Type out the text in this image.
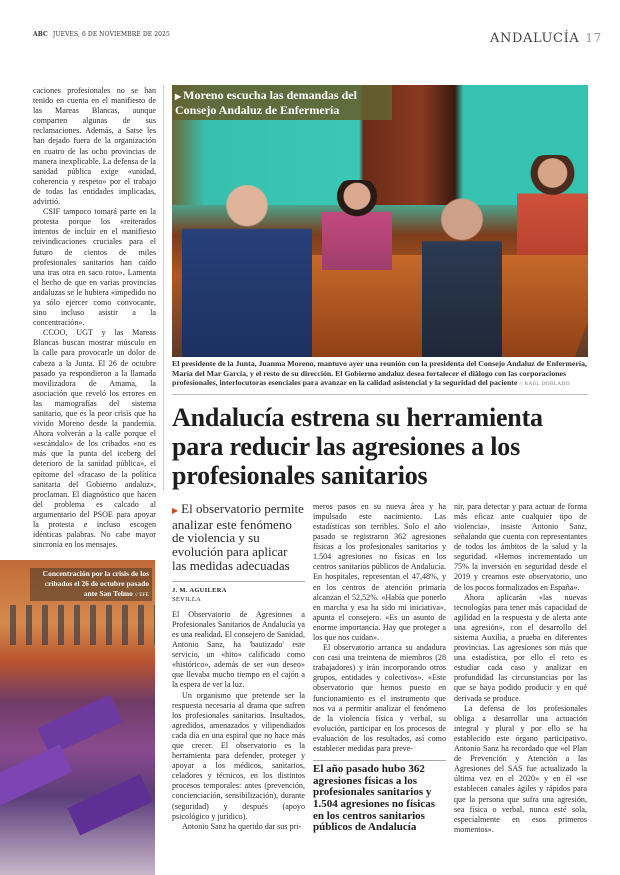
ABC JUEVES, 6 DE NOVIEMBRE DE 2025	ANDALUCÍA 17

caciones profesionales no se han tenido en cuenta en el manifiesto de las Mareas Blancas, aunque comparten algunas de sus reclamaciones. Además, a Satse les han dejado fuera de la organización en cuatro de las ocho provincias de manera inexplicable. La defensa de la sanidad pública exige «unidad, coherencia y respeto» por el trabajo de todas las entidades implicadas, advirtió.

CSIF tampoco tomará parte en la protesta porque los «reiterados intentos de incluir en el manifiesto reivindicaciones cruciales para el futuro de cientos de miles profesionales sanitarios han caído una tras otra en saco roto». Lamenta el hecho de que en varias provincias andaluzas se le hubiera «impedido no ya sólo ejercer como convocante, sino incluso asistir a la concentración».

CCOO, UGT y las Mareas Blancas buscan mostrar músculo en la calle para provocarle un dolor de cabeza a la Junta. El 26 de octubre pasado ya respondieron a la llamada movilizadora de Amama, la asociación que reveló los errores en las mamografías del sistema sanitario, que es la peor crisis que ha vivido Moreno desde la pandemia. Ahora volverán a la calle porque el «escándalo» de los cribados «no es más que la punta del iceberg del deterioro de la sanidad pública», el epítome del «fracaso de la política sanitaria del Gobierno andaluz», proclaman. El diagnóstico que hacen del problema es calcado al argumentario del PSOE para apoyar la protesta e incluso escogen idénticas palabras. No cabe mayor sincronía en los mensajes.

Concentración por la crisis de los cribados el 26 de octubre pasado ante San Telmo // EFE
▶ Moreno escucha las demandas del Consejo Andaluz de Enfermería
El presidente de la Junta, Juanma Moreno, mantuvo ayer una reunión con la presidenta del Consejo Andaluz de Enfermería, María del Mar García, y el resto de su dirección. El Gobierno andaluz desea fortalecer el diálogo con las corporaciones profesionales, interlocutoras esenciales para avanzar en la calidad asistencial y la seguridad del paciente // RAÚL DOBLADO
Andalucía estrena su herramienta para reducir las agresiones a los profesionales sanitarios
▶ El observatorio permite analizar este fenómeno de violencia y su evolución para aplicar las medidas adecuadas
J. M. AGUILERA
SEVILLA

El Observatorio de Agresiones a Profesionales Sanitarios de Andalucía ya es una realidad. El consejero de Sanidad, Antonio Sanz, ha 'bautizado' este servicio, un «hito» calificado como «histórico», además de ser «un deseo» que llevaba mucho tiempo en el cajón a la espera de ver la luz.

Un organismo que pretende ser la respuesta necesaria al drama que sufren los profesionales sanitarios. Insultados, agredidos, amenazados y vilipendiados cada día en una espiral que no hace más que crecer. El observatorio es la herramienta para defender, proteger y apoyar a los médicos, sanitarios, celadores y técnicos, en los distintos procesos temporales: antes (prevención, concienciación, sensibilización), durante (seguridad) y después (apoyo psicológico y jurídico).

Antonio Sanz ha querido dar sus pri-

meros pasos en su nueva área y ha impulsado este nacimiento. Las estadísticas son terribles. Solo el año pasado se registraron 362 agresiones físicas a los profesionales sanitarios y 1.504 agresiones no físicas en los centros sanitarios públicos de Andalucía. En hospitales, representan el 47,48%, y en los centros de atención primaria alcanzan el 52,52%. «Había que ponerlo en marcha y esa ha sido mi iniciativa», apunta el consejero. «Es un asunto de enorme importancia. Hay que proteger a los que nos cuidan».

El observatorio arranca su andadura con casi una treintena de miembros (28 trabajadores) y irán incorporando otros grupos, entidades y colectivos». «Este observatorio que hemos puesto en funcionamiento es el instrumento que nos va a permitir analizar el fenómeno de la violencia física y verbal, su evolución, participar en los procesos de evaluación de los resultados, así como establecer medidas para preve-

El año pasado hubo 362 agresiones físicas a los profesionales sanitarios y 1.504 agresiones no físicas en los centros sanitarios públicos de Andalucía

nir, para detectar y para actuar de forma más eficaz ante cualquier tipo de violencia», insiste Antonio Sanz, señalando que cuenta con representantes de todos los ámbitos de la salud y la seguridad. «Hemos incrementado un 75% la inversión en seguridad desde el 2019 y creamos este observatorio, uno de los pocos formalizados en España».

Ahora aplicarán «las nuevas tecnologías para tener más capacidad de agilidad en la respuesta y de alerta ante una agresión», con el desarrollo del sistema Auxilia, a prueba en diferentes provincias. Las agresiones son más que una estadística, por ello el reto es estudiar cada caso y analizar en profundidad las circunstancias por las que se haya podido producir y en qué derivada se produce.

La defensa de los profesionales obliga a desarrollar una actuación integral y plural y por ello se ha establecido este órgano participativo. Antonio Sanz ha recordado que «el Plan de Prevención y Atención a las Agresiones del SAS fue actualizado la última vez en el 2020» y en él «se establecen canales ágiles y rápidos para que la persona que sufra una agresión, sea física o verbal, nunca esté sola, especialmente en esos primeros momentos».
